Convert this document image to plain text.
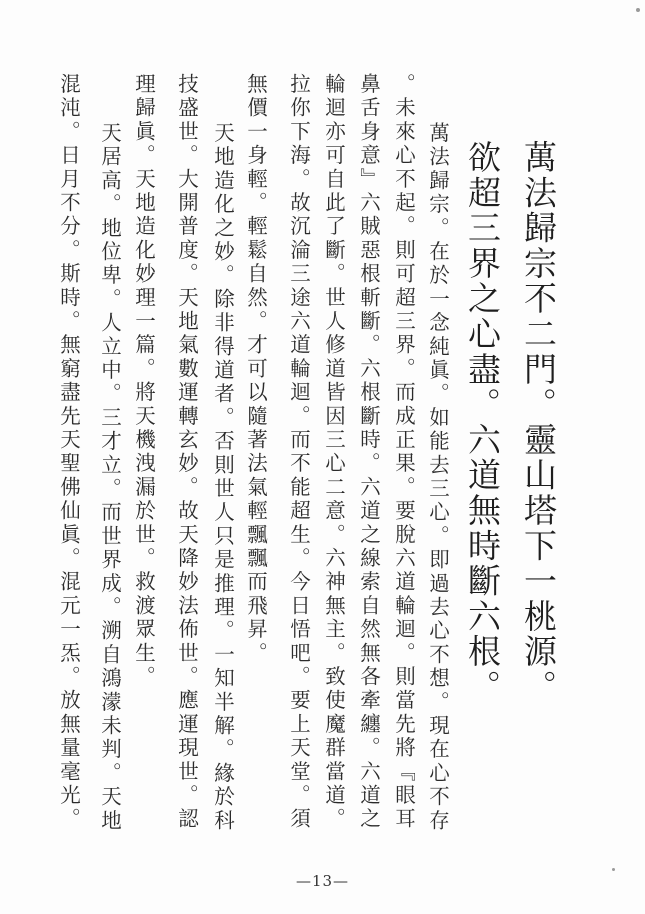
萬法歸宗不二門。靈山塔下一桃源。
欲超三界之心盡。六道無時斷六根。
萬法歸宗。在於一念純眞。如能去三心。即過去心不想。現在心不存
。未來心不起。則可超三界。而成正果。要脫六道輪迴。則當先將『眼耳
鼻舌身意』六賊惡根斬斷。六根斷時。六道之線索自然無各牽纏。六道之
輪迴亦可自此了斷。世人修道皆因三心二意。六神無主。致使魔群當道。
拉你下海。故沉淪三途六道輪迴。而不能超生。今日悟吧。要上天堂。須
無價一身輕。輕鬆自然。才可以隨著法氣輕飄飄而飛昇。
天地造化之妙。除非得道者。否則世人只是推理。一知半解。緣於科
技盛世。大開普度。天地氣數運轉玄妙。故天降妙法佈世。應運現世。認
理歸眞。天地造化妙理一篇。將天機洩漏於世。救渡眾生。
天居高。地位卑。人立中。三才立。而世界成。溯自鴻濛未判。天地
混沌。日月不分。斯時。無窮盡先天聖佛仙眞。混元一炁。放無量毫光。
—13—
